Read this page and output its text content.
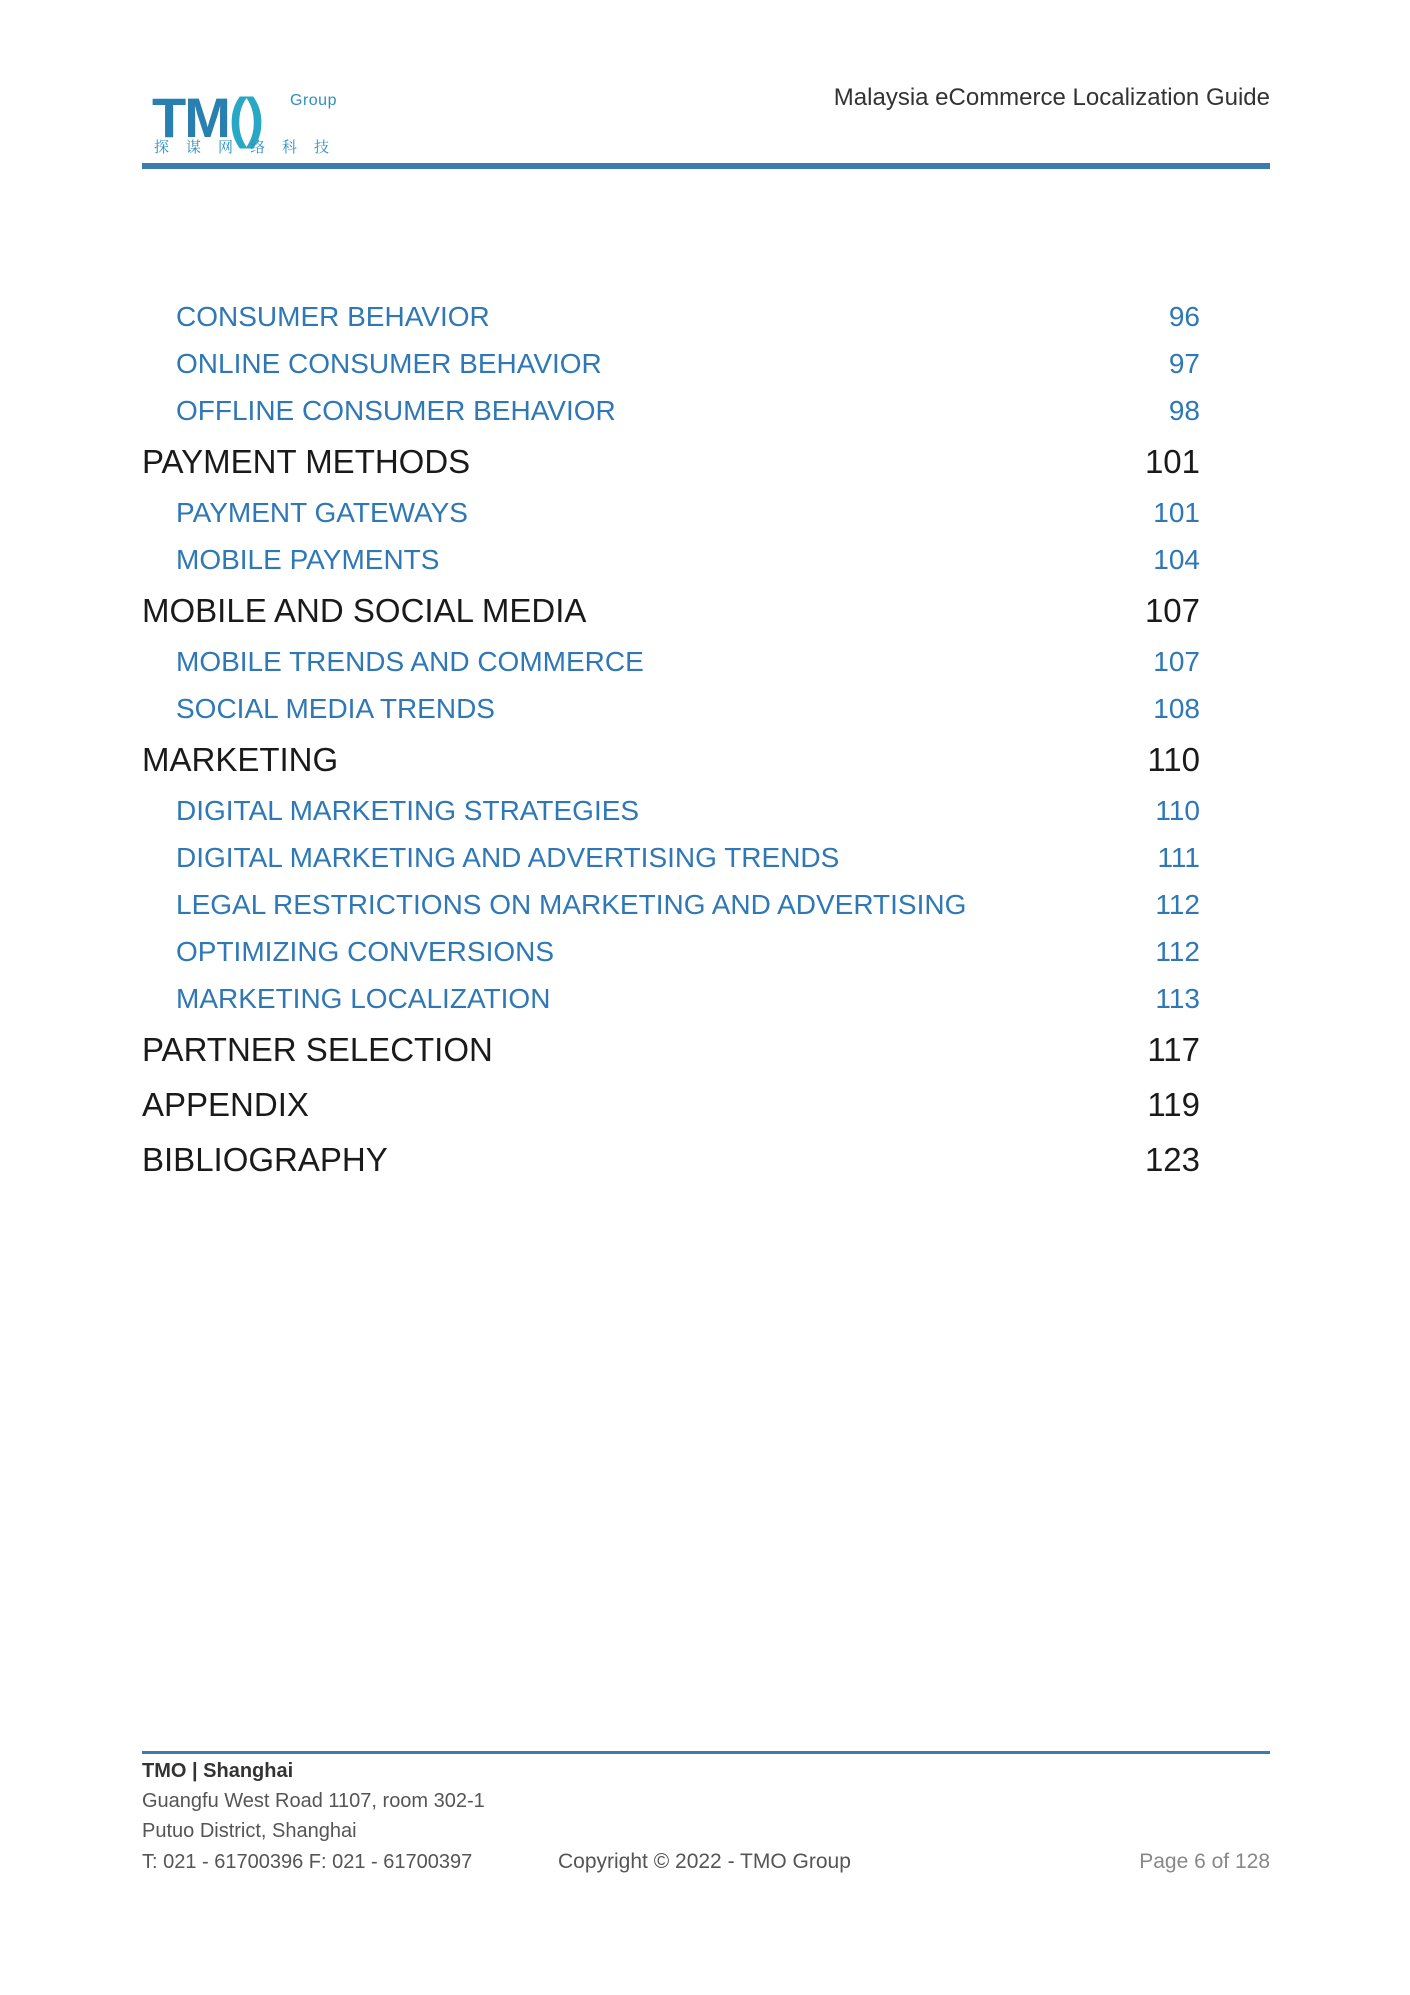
TM() Group
探谋网络科技
Malaysia eCommerce Localization Guide
CONSUMER BEHAVIOR	96
ONLINE CONSUMER BEHAVIOR	97
OFFLINE CONSUMER BEHAVIOR	98
PAYMENT METHODS	101
PAYMENT GATEWAYS	101
MOBILE PAYMENTS	104
MOBILE AND SOCIAL MEDIA	107
MOBILE TRENDS AND COMMERCE	107
SOCIAL MEDIA TRENDS	108
MARKETING	110
DIGITAL MARKETING STRATEGIES	110
DIGITAL MARKETING AND ADVERTISING TRENDS	111
LEGAL RESTRICTIONS ON MARKETING AND ADVERTISING	112
OPTIMIZING CONVERSIONS	112
MARKETING LOCALIZATION	113
PARTNER SELECTION	117
APPENDIX	119
BIBLIOGRAPHY	123
TMO | Shanghai
Guangfu West Road 1107, room 302-1
Putuo District, Shanghai
T: 021 - 61700396 F: 021 - 61700397	Copyright © 2022 - TMO Group	Page 6 of 128
